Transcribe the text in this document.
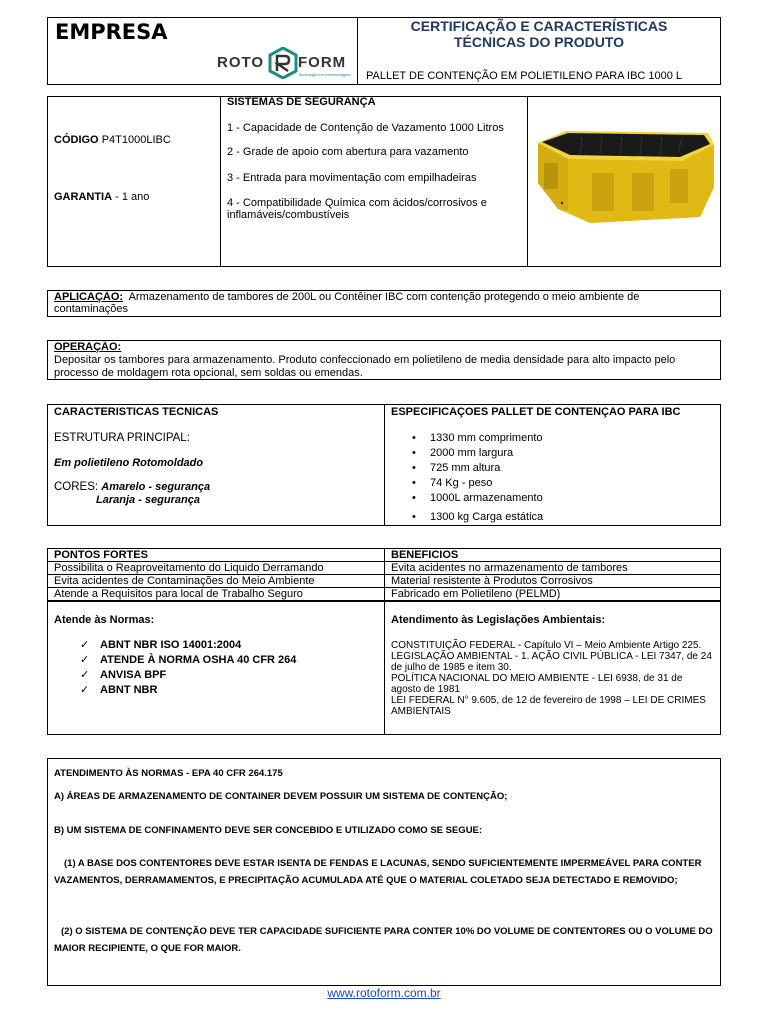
EMPRESA
ROTO FORM
tecnologia em rotomoldagem
CERTIFICAÇÃO E CARACTERÍSTICAS
TÉCNICAS DO PRODUTO
PALLET DE CONTENÇÃO EM POLIETILENO PARA IBC 1000 L
CÓDIGO P4T1000LIBC
GARANTIA - 1 ano
SISTEMAS DE SEGURANÇA
1 - Capacidade de Contenção de Vazamento 1000 Litros
2 - Grade de apoio com abertura para vazamento
3 - Entrada para movimentação com empilhadeiras
4 - Compatibilidade Química com ácidos/corrosivos e inflamáveis/combustíveis
APLICAÇÃO: Armazenamento de tambores de 200L ou Contêiner IBC com contenção protegendo o meio ambiente de contaminações
OPERAÇÃO:
Depositar os tambores para armazenamento. Produto confeccionado em polietileno de media densidade para alto impacto pelo processo de moldagem rota opcional, sem soldas ou emendas.
CARACTERISTICAS TECNICAS
ESTRUTURA PRINCIPAL:
Em polietileno Rotomoldado
CORES: Amarelo - segurança
Laranja - segurança
ESPECIFICAÇOES PALLET DE CONTENÇAO PARA IBC
• 1330 mm comprimento
• 2000 mm largura
• 725 mm altura
• 74 Kg - peso
• 1000L armazenamento
• 1300 kg Carga estática
PONTOS FORTES	BENEFICIOS
Possibilita o Reaproveitamento do Liquido Derramando	Evita acidentes no armazenamento de tambores
Evita acidentes de Contaminações do Meio Ambiente	Material resistente à Produtos Corrosivos
Atende a Requisitos para local de Trabalho Seguro	Fabricado em Polietileno (PELMD)
Atende às Normas:
✓ ABNT NBR ISO 14001:2004
✓ ATENDE À NORMA OSHA 40 CFR 264
✓ ANVISA BPF
✓ ABNT NBR
Atendimento às Legislações Ambientais:
CONSTITUIÇÃO FEDERAL - Capítulo VI – Meio Ambiente Artigo 225.
LEGISLAÇÃO AMBIENTAL - 1. AÇÃO CIVIL PÚBLICA - LEI 7347, de 24 de julho de 1985 e item 30.
POLÍTICA NACIONAL DO MEIO AMBIENTE - LEI 6938, de 31 de agosto de 1981
LEI FEDERAL N° 9.605, de 12 de fevereiro de 1998 – LEI DE CRIMES AMBIENTAIS
ATENDIMENTO ÀS NORMAS - EPA 40 CFR 264.175
A) ÁREAS DE ARMAZENAMENTO DE CONTAINER DEVEM POSSUIR UM SISTEMA DE CONTENÇÃO;
B) UM SISTEMA DE CONFINAMENTO DEVE SER CONCEBIDO E UTILIZADO COMO SE SEGUE:
(1) A BASE DOS CONTENTORES DEVE ESTAR ISENTA DE FENDAS E LACUNAS, SENDO SUFICIENTEMENTE IMPERMEÁVEL PARA CONTER VAZAMENTOS, DERRAMAMENTOS, E PRECIPITAÇÃO ACUMULADA ATÉ QUE O MATERIAL COLETADO SEJA DETECTADO E REMOVIDO;
(2) O SISTEMA DE CONTENÇÃO DEVE TER CAPACIDADE SUFICIENTE PARA CONTER 10% DO VOLUME DE CONTENTORES OU O VOLUME DO MAIOR RECIPIENTE, O QUE FOR MAIOR.
www.rotoform.com.br
